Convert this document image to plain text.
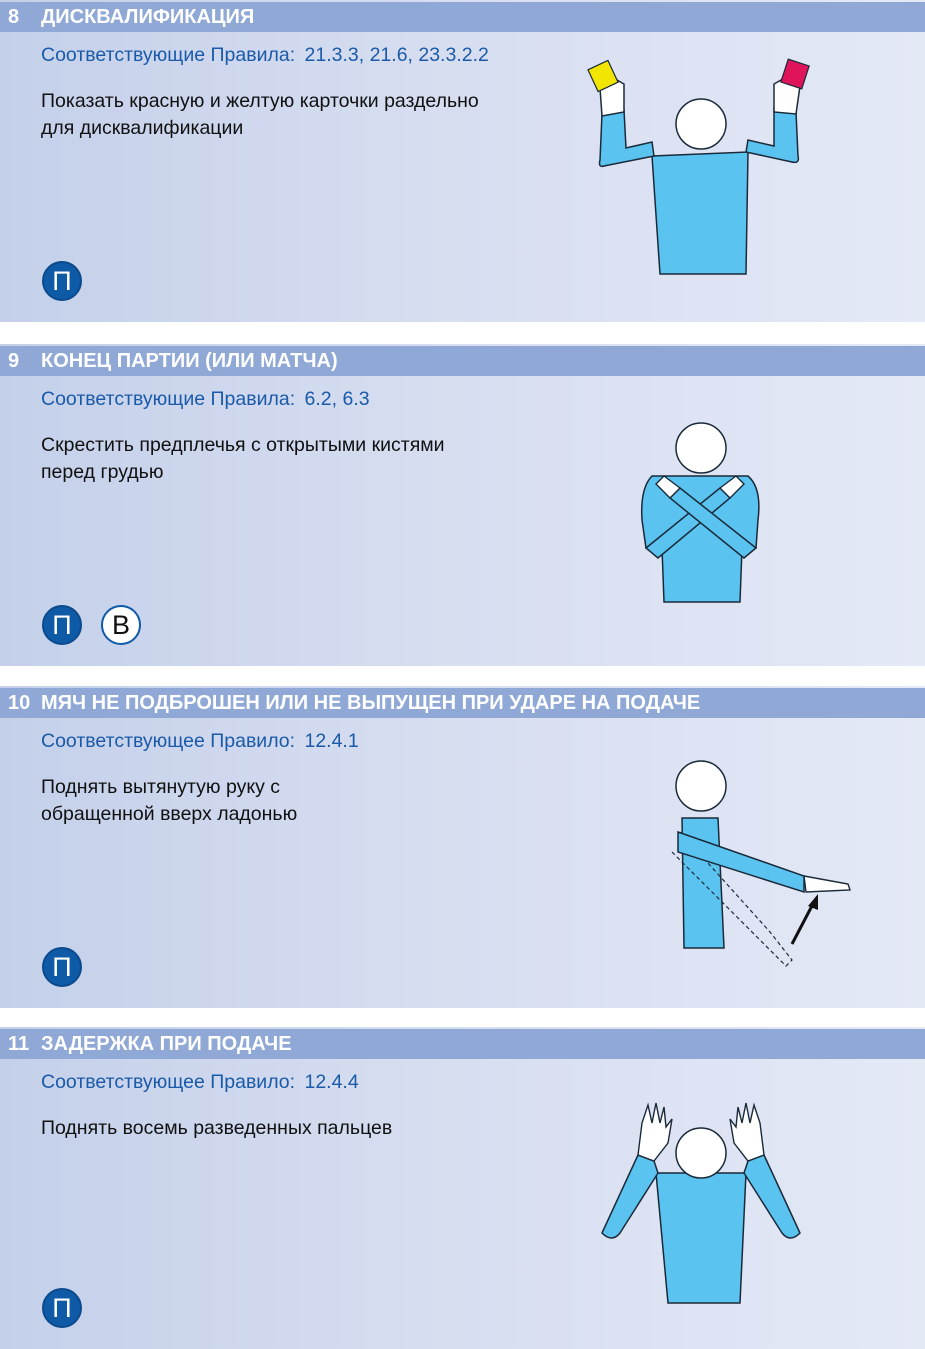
8 ДИСКВАЛИФИКАЦИЯ
Соответствующие Правила: 21.3.3, 21.6, 23.3.2.2
Показать красную и желтую карточки раздельно
для дисквалификации
П
9 КОНЕЦ ПАРТИИ (ИЛИ МАТЧА)
Соответствующие Правила: 6.2, 6.3
Скрестить предплечья с открытыми кистями
перед грудью
П	В
10 МЯЧ НЕ ПОДБРОШЕН ИЛИ НЕ ВЫПУЩЕН ПРИ УДАРЕ НА ПОДАЧЕ
Соответствующее Правило: 12.4.1
Поднять вытянутую руку с
обращенной вверх ладонью
П
11 ЗАДЕРЖКА ПРИ ПОДАЧЕ
Соответствующее Правило: 12.4.4
Поднять восемь разведенных пальцев
П
